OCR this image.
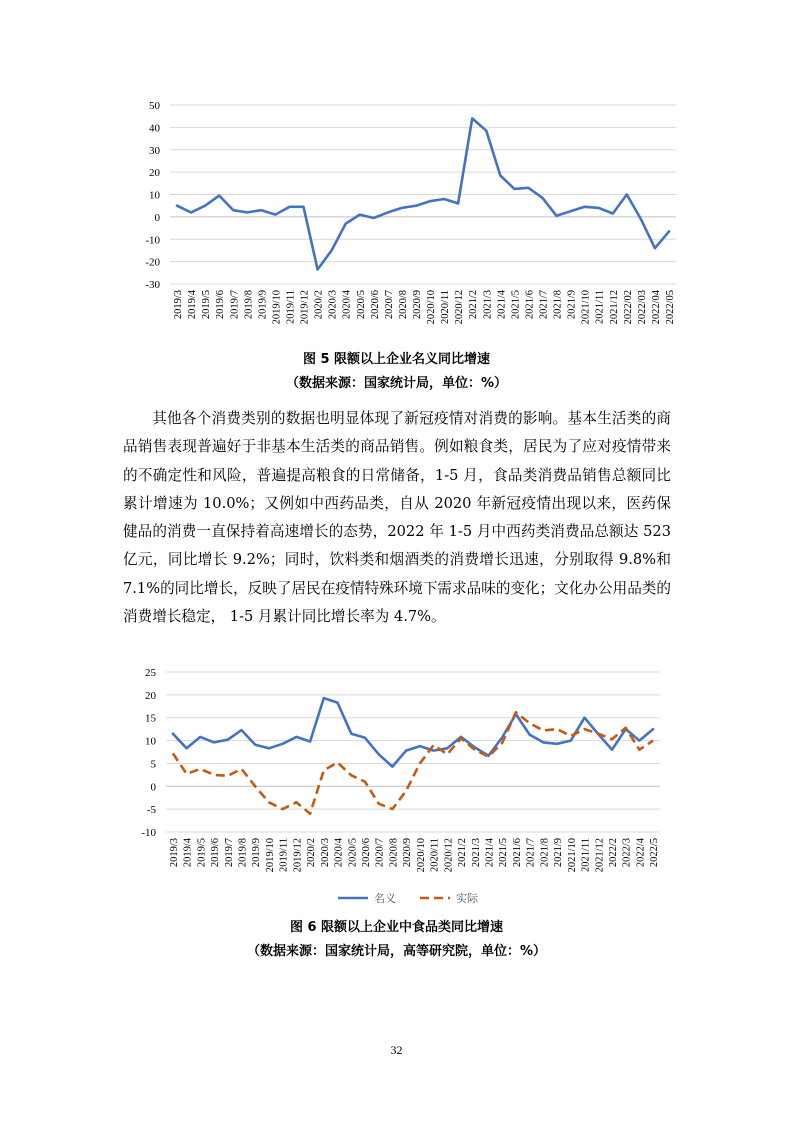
50
40
30
20
10
0
-10
-20
-30
2019/3 2019/4 2019/5 2019/6 2019/7 2019/8 2019/9 2019/10 2019/11 2019/12 2020/2 2020/3 2020/4 2020/5 2020/6 2020/7 2020/8 2020/9 2020/10 2020/11 2020/12 2021/2 2021/3 2021/4 2021/5 2021/6 2021/7 2021/8 2021/9 2021/10 2021/11 2021/12 2022/02 2022/03 2022/04 2022/05
图 5 限额以上企业名义同比增速
（数据来源：国家统计局，单位：%）

其他各个消费类别的数据也明显体现了新冠疫情对消费的影响。基本生活类的商品销售表现普遍好于非基本生活类的商品销售。例如粮食类，居民为了应对疫情带来的不确定性和风险，普遍提高粮食的日常储备，1-5 月，食品类消费品销售总额同比累计增速为 10.0%；又例如中西药品类，自从 2020 年新冠疫情出现以来，医药保健品的消费一直保持着高速增长的态势，2022 年 1-5 月中西药类消费品总额达 523 亿元，同比增长 9.2%；同时，饮料类和烟酒类的消费增长迅速，分别取得 9.8%和 7.1%的同比增长，反映了居民在疫情特殊环境下需求品味的变化；文化办公用品类的消费增长稳定， 1-5 月累计同比增长率为 4.7%。

25
20
15
10
5
0
-5
-10
2019/3 2019/4 2019/5 2019/6 2019/7 2019/8 2019/9 2019/10 2019/11 2019/12 2020/2 2020/3 2020/4 2020/5 2020/6 2020/7 2020/8 2020/9 2020/10 2020/11 2020/12 2021/2 2021/3 2021/4 2021/5 2021/6 2021/7 2021/8 2021/9 2021/10 2021/11 2021/12 2022/2 2022/3 2022/4 2022/5
名义	实际
图 6 限额以上企业中食品类同比增速
（数据来源：国家统计局，高等研究院，单位：%）
32
